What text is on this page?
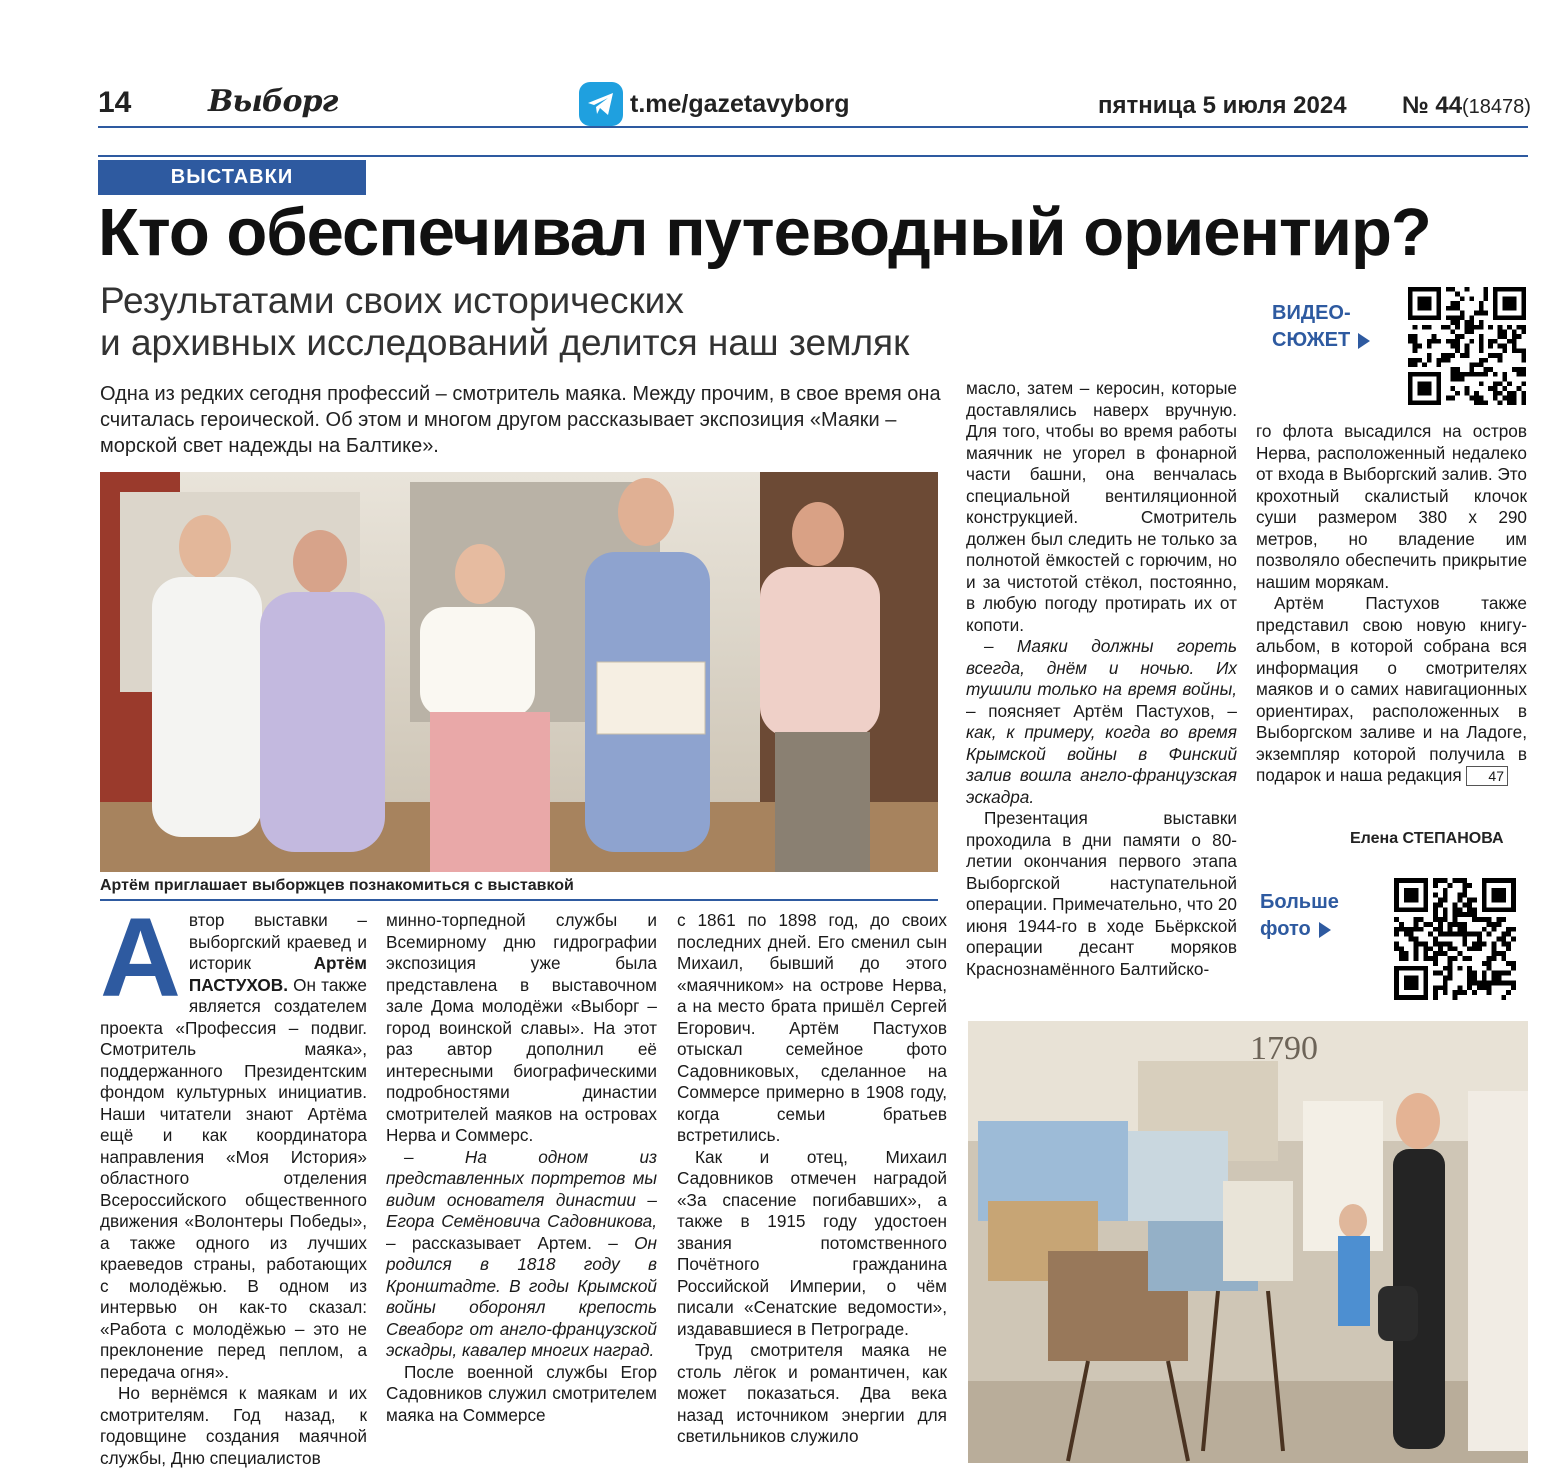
14	Выборг	t.me/gazetavyborg	пятница 5 июля 2024 № 44 (18478)
ВЫСТАВКИ
Кто обеспечивал путеводный ориентир?
Результатами своих исторических
и архивных исследований делится наш земляк
ВИДЕО-
СЮЖЕТ
Одна из редких сегодня профессий – смотритель маяка. Между прочим, в свое время она считалась героической. Об этом и многом другом рассказывает экспозиция «Маяки – морской свет надежды на Балтике».
Артём приглашает выборжцев познакомиться с выставкой

Автор выставки – выборгский краевед и историк Артём ПАСТУХОВ. Он также является создателем проекта «Профессия – подвиг. Смотритель маяка», поддержанного Президентским фондом культурных инициатив. Наши читатели знают Артёма ещё и как координатора направления «Моя История» областного отделения Всероссийского общественного движения «Волонтеры Победы», а также одного из лучших краеведов страны, работающих с молодёжью. В одном из интервью он как-то сказал: «Работа с молодёжью – это не преклонение перед пеплом, а передача огня».

Но вернёмся к маякам и их смотрителям. Год назад, к годовщине создания маячной службы, Дню специалистов

минно-торпедной службы и Всемирному дню гидрографии экспозиция уже была представлена в выставочном зале Дома молодёжи «Выборг – город воинской славы». На этот раз автор дополнил её интересными биографическими подробностями династии смотрителей маяков на островах Нерва и Соммерс.

– На одном из представленных портретов мы видим основателя династии – Егора Семёновича Садовникова, – рассказывает Артем. – Он родился в 1818 году в Кронштадте. В годы Крымской войны оборонял крепость Свеаборг от англо-французской эскадры, кавалер многих наград.

После военной службы Егор Садовников служил смотрителем маяка на Соммерсе

с 1861 по 1898 год, до своих последних дней. Его сменил сын Михаил, бывший до этого «маячником» на острове Нерва, а на место брата пришёл Сергей Егорович. Артём Пастухов отыскал семейное фото Садовниковых, сделанное на Соммерсе примерно в 1908 году, когда семьи братьев встретились.

Как и отец, Михаил Садовников отмечен наградой «За спасение погибавших», а также в 1915 году удостоен звания потомственного Почётного гражданина Российской Империи, о чём писали «Сенатские ведомости», издававшиеся в Петрограде.

Труд смотрителя маяка не столь лёгок и романтичен, как может показаться. Два века назад источником энергии для светильников служило

масло, затем – керосин, которые доставлялись наверх вручную. Для того, чтобы во время работы маячник не угорел в фонарной части башни, она венчалась специальной вентиляционной конструкцией. Смотритель должен был следить не только за полнотой ёмкостей с горючим, но и за чистотой стёкол, постоянно, в любую погоду протирать их от копоти.

– Маяки должны гореть всегда, днём и ночью. Их тушили только на время войны, – поясняет Артём Пастухов, – как, к примеру, когда во время Крымской войны в Финский залив вошла англо-французская эскадра.

Презентация выставки проходила в дни памяти о 80-летии окончания первого этапа Выборгской наступательной операции. Примечательно, что 20 июня 1944-го в ходе Бьёркской операции десант моряков Краснознамённого Балтийско-

го флота высадился на остров Нерва, расположенный недалеко от входа в Выборгский залив. Это крохотный скалистый клочок суши размером 380 х 290 метров, но владение им позволяло обеспечить прикрытие нашим морякам.

Артём Пастухов также представил свою новую книгу-альбом, в которой собрана вся информация о смотрителях маяков и о самих навигационных ориентирах, расположенных в Выборгском заливе и на Ладоге, экземпляр которой получила в подарок и наша редакция 47

Елена СТЕПАНОВА
Больше
фото
1790
